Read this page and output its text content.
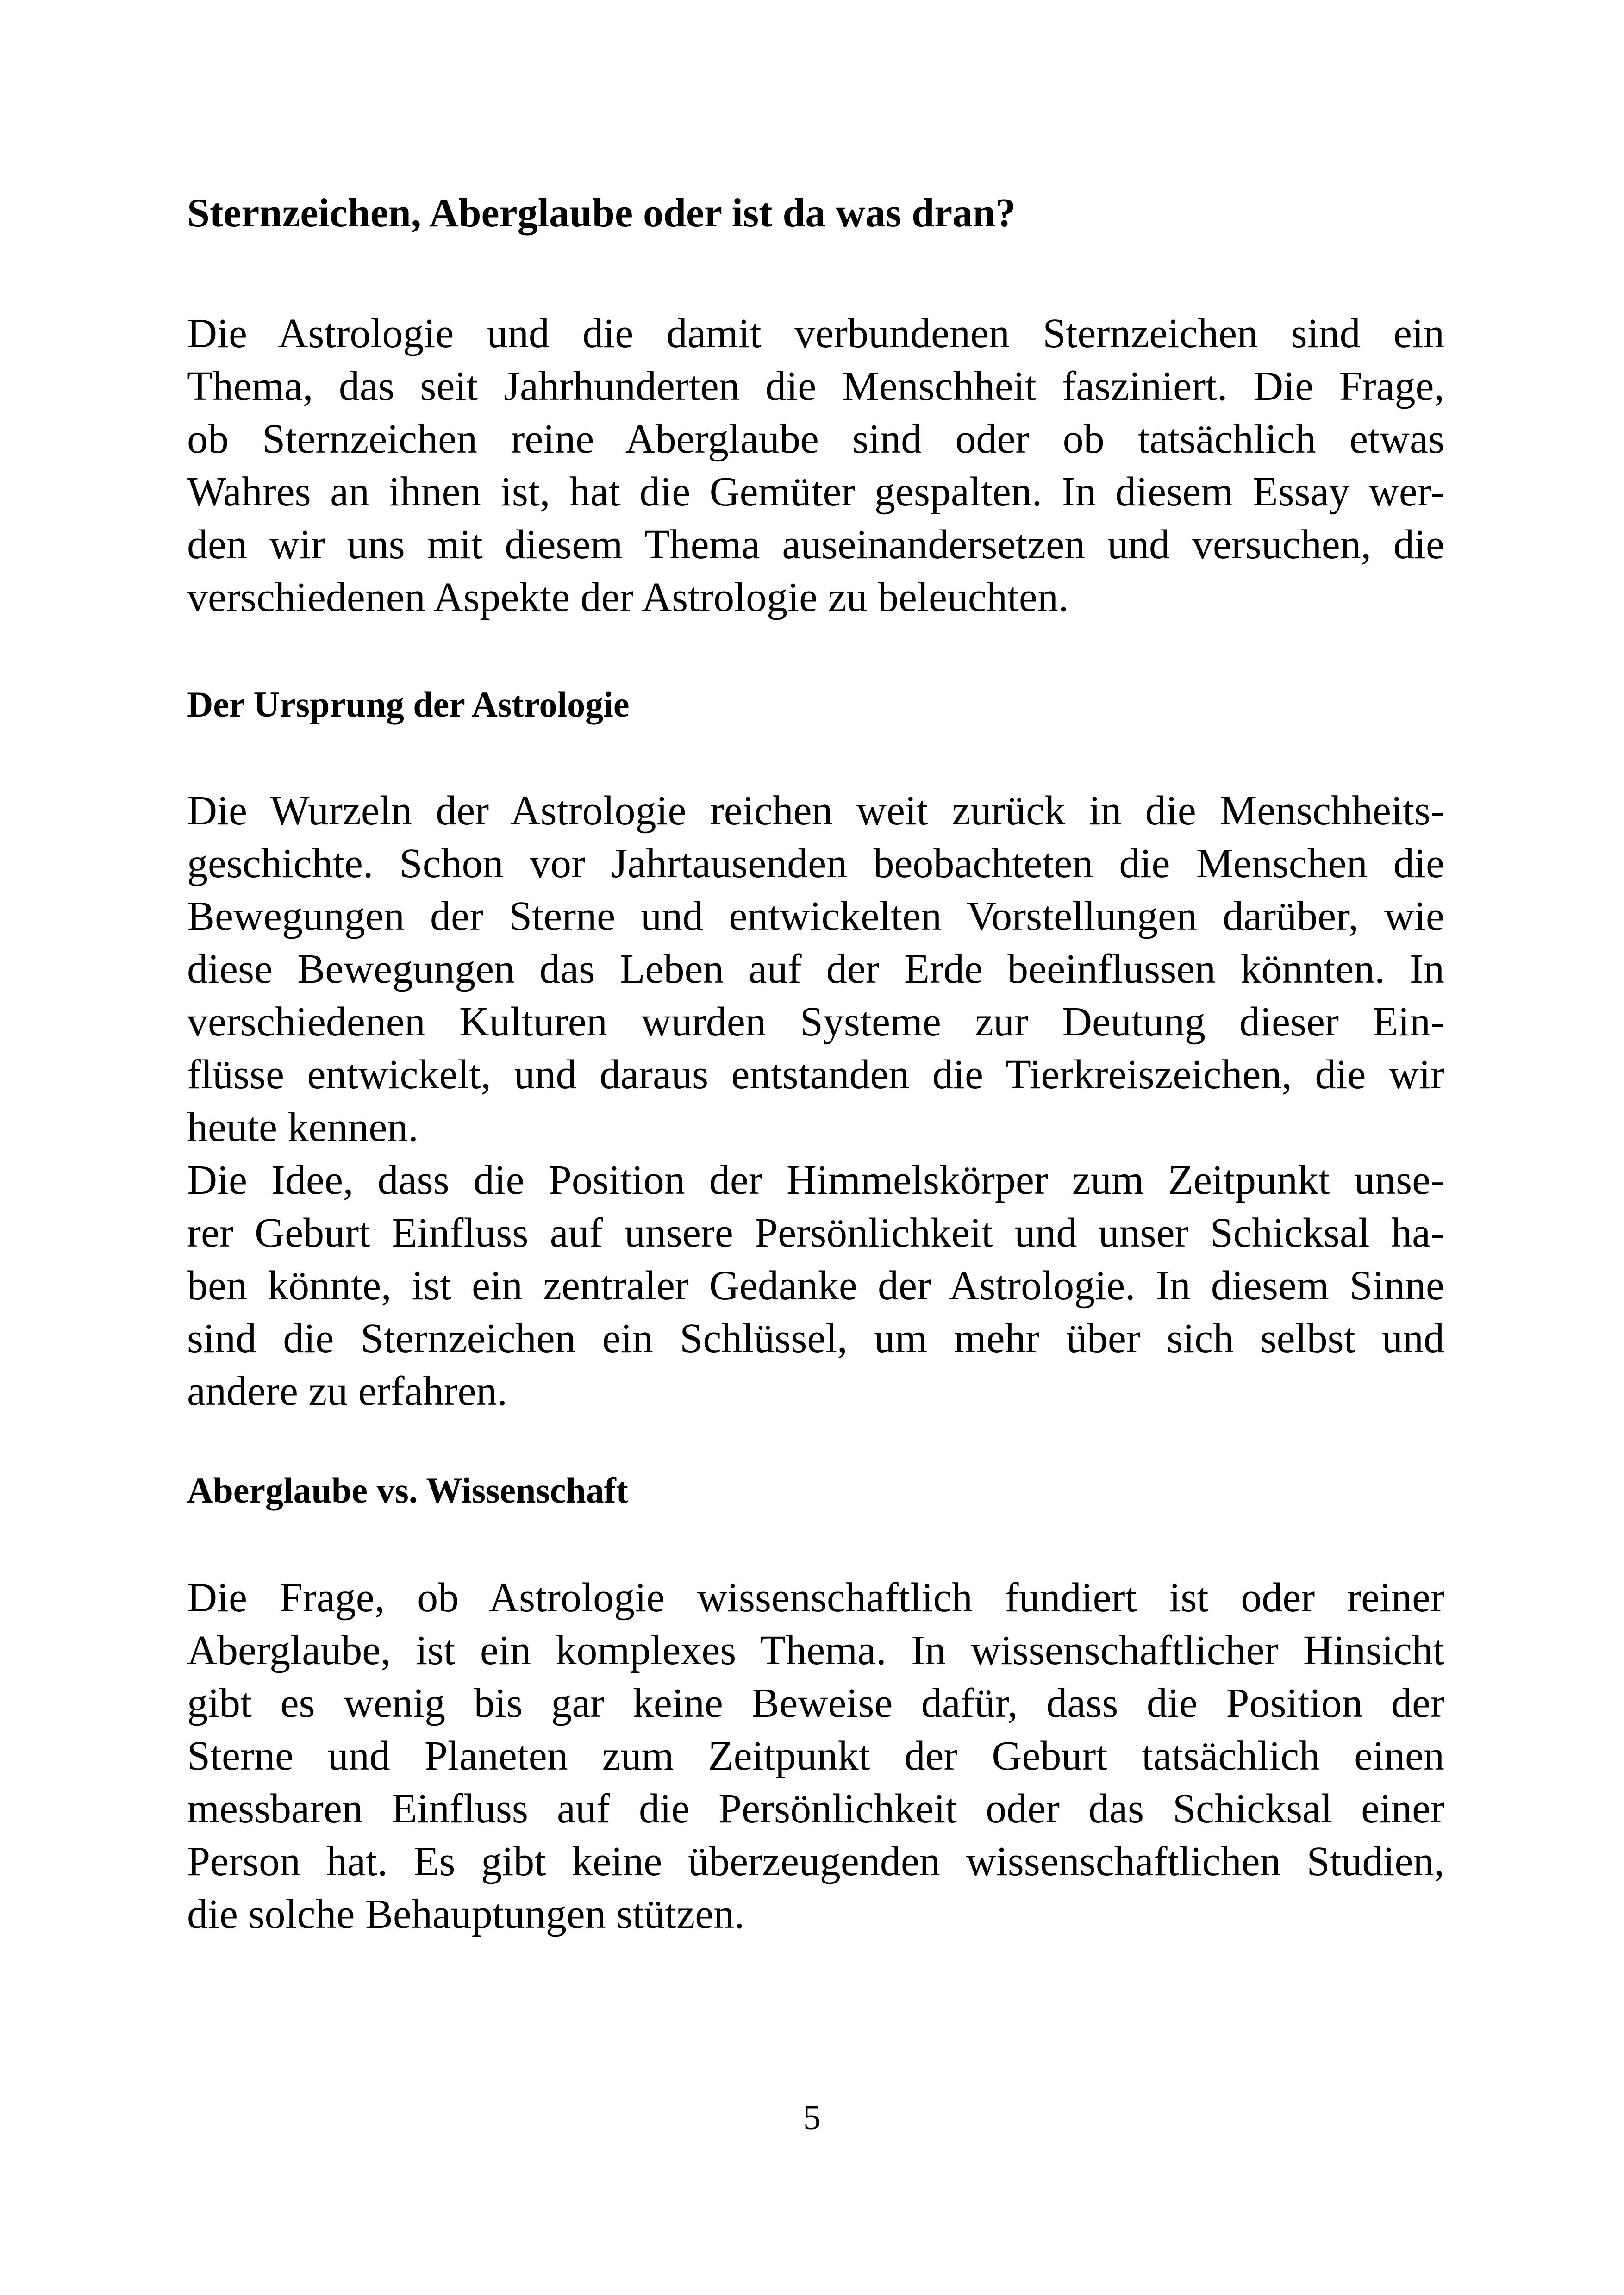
Sternzeichen, Aberglaube oder ist da was dran?
Die Astrologie und die damit verbundenen Sternzeichen sind ein
Thema, das seit Jahrhunderten die Menschheit fasziniert. Die Frage,
ob Sternzeichen reine Aberglaube sind oder ob tatsächlich etwas
Wahres an ihnen ist, hat die Gemüter gespalten. In diesem Essay wer-
den wir uns mit diesem Thema auseinandersetzen und versuchen, die
verschiedenen Aspekte der Astrologie zu beleuchten.
Der Ursprung der Astrologie
Die Wurzeln der Astrologie reichen weit zurück in die Menschheits-
geschichte. Schon vor Jahrtausenden beobachteten die Menschen die
Bewegungen der Sterne und entwickelten Vorstellungen darüber, wie
diese Bewegungen das Leben auf der Erde beeinflussen könnten. In
verschiedenen Kulturen wurden Systeme zur Deutung dieser Ein-
flüsse entwickelt, und daraus entstanden die Tierkreiszeichen, die wir
heute kennen.
Die Idee, dass die Position der Himmelskörper zum Zeitpunkt unse-
rer Geburt Einfluss auf unsere Persönlichkeit und unser Schicksal ha-
ben könnte, ist ein zentraler Gedanke der Astrologie. In diesem Sinne
sind die Sternzeichen ein Schlüssel, um mehr über sich selbst und
andere zu erfahren.
Aberglaube vs. Wissenschaft
Die Frage, ob Astrologie wissenschaftlich fundiert ist oder reiner
Aberglaube, ist ein komplexes Thema. In wissenschaftlicher Hinsicht
gibt es wenig bis gar keine Beweise dafür, dass die Position der
Sterne und Planeten zum Zeitpunkt der Geburt tatsächlich einen
messbaren Einfluss auf die Persönlichkeit oder das Schicksal einer
Person hat. Es gibt keine überzeugenden wissenschaftlichen Studien,
die solche Behauptungen stützen.
5
